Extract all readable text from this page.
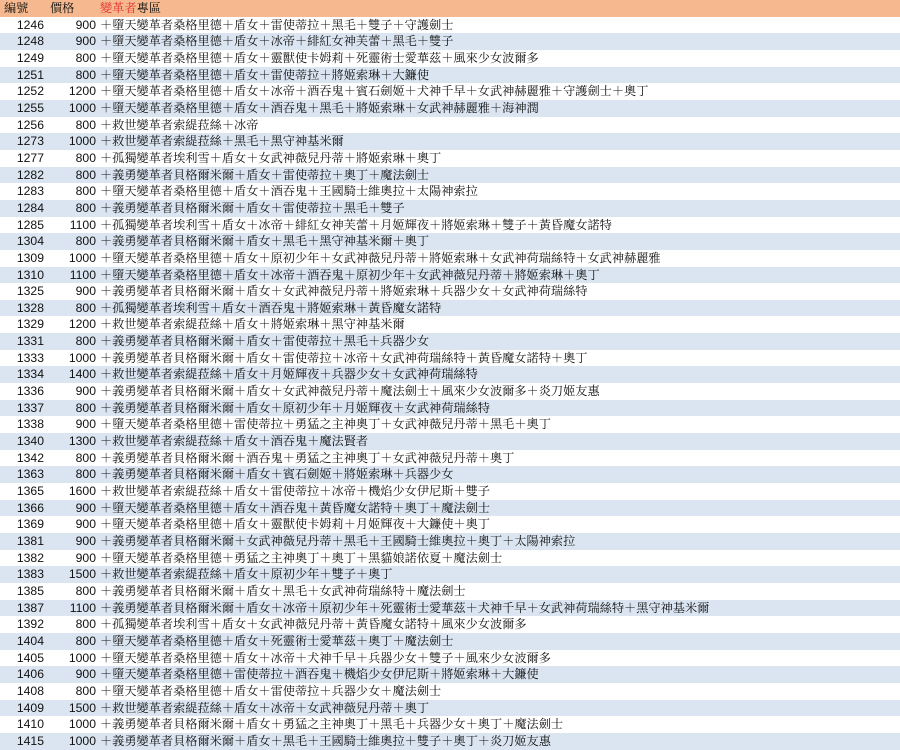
編號	價格	變革者專區
1246	900 ＋墮天變革者桑格里德＋盾女＋雷使蒂拉＋黑毛＋雙子＋守護劍士
1248	900 ＋墮天變革者桑格里德＋盾女＋冰帝＋緋紅女神芙蕾＋黑毛＋雙子
1249	800 ＋墮天變革者桑格里德＋盾女＋靈獸使卡姆莉＋死靈術士愛華茲＋風來少女波爾多
1251	800 ＋墮天變革者桑格里德＋盾女＋雷使蒂拉＋將姬索琳＋大鐮使
1252	1200 ＋墮天變革者桑格里德＋盾女＋冰帝＋酒吞鬼＋賓石劍姬＋犬神千早＋女武神赫麗雅＋守護劍士＋奧丁
1255	1000 ＋墮天變革者桑格里德＋盾女＋酒吞鬼＋黑毛＋將姬索琳＋女武神赫麗雅＋海神潤
1256	800 ＋救世變革者索緹菈絲＋冰帝
1273	1000 ＋救世變革者索緹菈絲＋黑毛＋黑守神基米爾
1277	800 ＋孤獨變革者埃利雪＋盾女＋女武神薇兒丹蒂＋將姬索琳＋奧丁
1282	800 ＋義勇變革者貝格爾米爾＋盾女＋雷使蒂拉＋奧丁＋魔法劍士
1283	800 ＋墮天變革者桑格里德＋盾女＋酒吞鬼＋王國騎士維奧拉＋太陽神索拉
1284	800 ＋義勇變革者貝格爾米爾＋盾女＋雷使蒂拉＋黑毛＋雙子
1285	1100 ＋孤獨變革者埃利雪＋盾女＋冰帝＋緋紅女神芙蕾＋月姬輝夜＋將姬索琳＋雙子＋黃昏魔女諾特
1304	800 ＋義勇變革者貝格爾米爾＋盾女＋黑毛＋黑守神基米爾＋奧丁
1309	1000 ＋墮天變革者桑格里德＋盾女＋原初少年＋女武神薇兒丹蒂＋將姬索琳＋女武神荷瑞絲特＋女武神赫麗雅
1310	1100 ＋墮天變革者桑格里德＋盾女＋冰帝＋酒吞鬼＋原初少年＋女武神薇兒丹蒂＋將姬索琳＋奧丁
1325	900 ＋義勇變革者貝格爾米爾＋盾女＋女武神薇兒丹蒂＋將姬索琳＋兵器少女＋女武神荷瑞絲特
1328	800 ＋孤獨變革者埃利雪＋盾女＋酒吞鬼＋將姬索琳＋黃昏魔女諾特
1329	1200 ＋救世變革者索緹菈絲＋盾女＋將姬索琳＋黑守神基米爾
1331	800 ＋義勇變革者貝格爾米爾＋盾女＋雷使蒂拉＋黑毛＋兵器少女
1333	1000 ＋義勇變革者貝格爾米爾＋盾女＋雷使蒂拉＋冰帝＋女武神荷瑞絲特＋黃昏魔女諾特＋奧丁
1334	1400 ＋救世變革者索緹菈絲＋盾女＋月姬輝夜＋兵器少女＋女武神荷瑞絲特
1336	900 ＋義勇變革者貝格爾米爾＋盾女＋女武神薇兒丹蒂＋魔法劍士＋風來少女波爾多＋炎刀姬友惠
1337	800 ＋義勇變革者貝格爾米爾＋盾女＋原初少年＋月姬輝夜＋女武神荷瑞絲特
1338	900 ＋墮天變革者桑格里德＋雷使蒂拉＋勇猛之主神奧丁＋女武神薇兒丹蒂＋黑毛＋奧丁
1340	1300 ＋救世變革者索緹菈絲＋盾女＋酒吞鬼＋魔法賢者
1342	800 ＋義勇變革者貝格爾米爾＋酒吞鬼＋勇猛之主神奧丁＋女武神薇兒丹蒂＋奧丁
1363	800 ＋義勇變革者貝格爾米爾＋盾女＋賓石劍姬＋將姬索琳＋兵器少女
1365	1600 ＋救世變革者索緹菈絲＋盾女＋雷使蒂拉＋冰帝＋機焰少女伊尼斯＋雙子
1366	900 ＋墮天變革者桑格里德＋盾女＋酒吞鬼＋黃昏魔女諾特＋奧丁＋魔法劍士
1369	900 ＋墮天變革者桑格里德＋盾女＋靈獸使卡姆莉＋月姬輝夜＋大鐮使＋奧丁
1381	900 ＋義勇變革者貝格爾米爾＋女武神薇兒丹蒂＋黑毛＋王國騎士維奧拉＋奧丁＋太陽神索拉
1382	900 ＋墮天變革者桑格里德＋勇猛之主神奧丁＋奧丁＋黑貓娘諾依夏＋魔法劍士
1383	1500 ＋救世變革者索緹菈絲＋盾女＋原初少年＋雙子＋奧丁
1385	800 ＋義勇變革者貝格爾米爾＋盾女＋黑毛＋女武神荷瑞絲特＋魔法劍士
1387	1100 ＋義勇變革者貝格爾米爾＋盾女＋冰帝＋原初少年＋死靈術士愛華茲＋犬神千早＋女武神荷瑞絲特＋黑守神基米爾
1392	800 ＋孤獨變革者埃利雪＋盾女＋女武神薇兒丹蒂＋黃昏魔女諾特＋風來少女波爾多
1404	800 ＋墮天變革者桑格里德＋盾女＋死靈術士愛華茲＋奧丁＋魔法劍士
1405	1000 ＋墮天變革者桑格里德＋盾女＋冰帝＋犬神千早＋兵器少女＋雙子＋風來少女波爾多
1406	900 ＋墮天變革者桑格里德＋雷使蒂拉＋酒吞鬼＋機焰少女伊尼斯＋將姬索琳＋大鐮使
1408	800 ＋墮天變革者桑格里德＋盾女＋雷使蒂拉＋兵器少女＋魔法劍士
1409	1500 ＋救世變革者索緹菈絲＋盾女＋冰帝＋女武神薇兒丹蒂＋奧丁
1410	1000 ＋義勇變革者貝格爾米爾＋盾女＋勇猛之主神奧丁＋黑毛＋兵器少女＋奧丁＋魔法劍士
1415	1000 ＋義勇變革者貝格爾米爾＋盾女＋黑毛＋王國騎士維奧拉＋雙子＋奧丁＋炎刀姬友惠
